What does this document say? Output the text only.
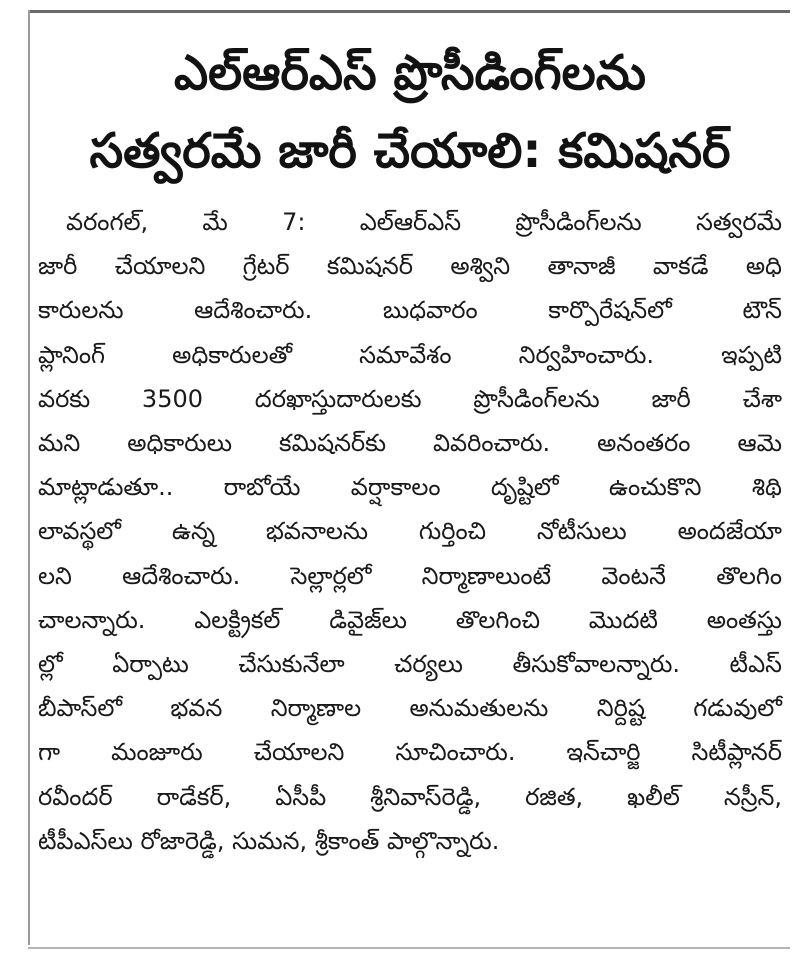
ఎల్‌ఆర్‌ఎస్‌ ప్రొసీడింగ్‌లను
సత్వరమే జారీ చేయాలి: కమిషనర్‌
వరంగల్‌, మే 7: ఎల్‌ఆర్‌ఎస్‌ ప్రొసీడింగ్‌లను సత్వరమే
జారీ చేయాలని గ్రేటర్‌ కమిషనర్‌ అశ్విని తానాజీ వాకడే అధి
కారులను ఆదేశించారు. బుధవారం కార్పొరేషన్‌లో టౌన్‌
ప్లానింగ్‌ అధికారులతో సమావేశం నిర్వహించారు. ఇప్పటి
వరకు 3500 దరఖాస్తుదారులకు ప్రొసీడింగ్‌లను జారీ చేశా
మని అధికారులు కమిషనర్‌కు వివరించారు. అనంతరం ఆమె
మాట్లాడుతూ.. రాబోయే వర్షాకాలం దృష్టిలో ఉంచుకొని శిథి
లావస్థలో ఉన్న భవనాలను గుర్తించి నోటీసులు అందజేయా
లని ఆదేశించారు. సెల్లార్లలో నిర్మాణాలుంటే వెంటనే తొలగిం
చాలన్నారు. ఎలక్ట్రికల్‌ డివైజ్‌లు తొలగించి మొదటి అంతస్తు
ల్లో ఏర్పాటు చేసుకునేలా చర్యలు తీసుకోవాలన్నారు. టీఎస్‌
బీపాస్‌లో భవన నిర్మాణాల అనుమతులను నిర్దిష్ట గడువులో
గా మంజూరు చేయాలని సూచించారు. ఇన్‌చార్జి సిటీప్లానర్‌
రవీందర్‌ రాడేకర్‌, ఏసీపీ శ్రీనివాస్‌రెడ్డి, రజిత, ఖలీల్‌ నస్రీన్‌,
టీపీఎస్‌లు రోజారెడ్డి, సుమన, శ్రీకాంత్‌ పాల్గొన్నారు.
